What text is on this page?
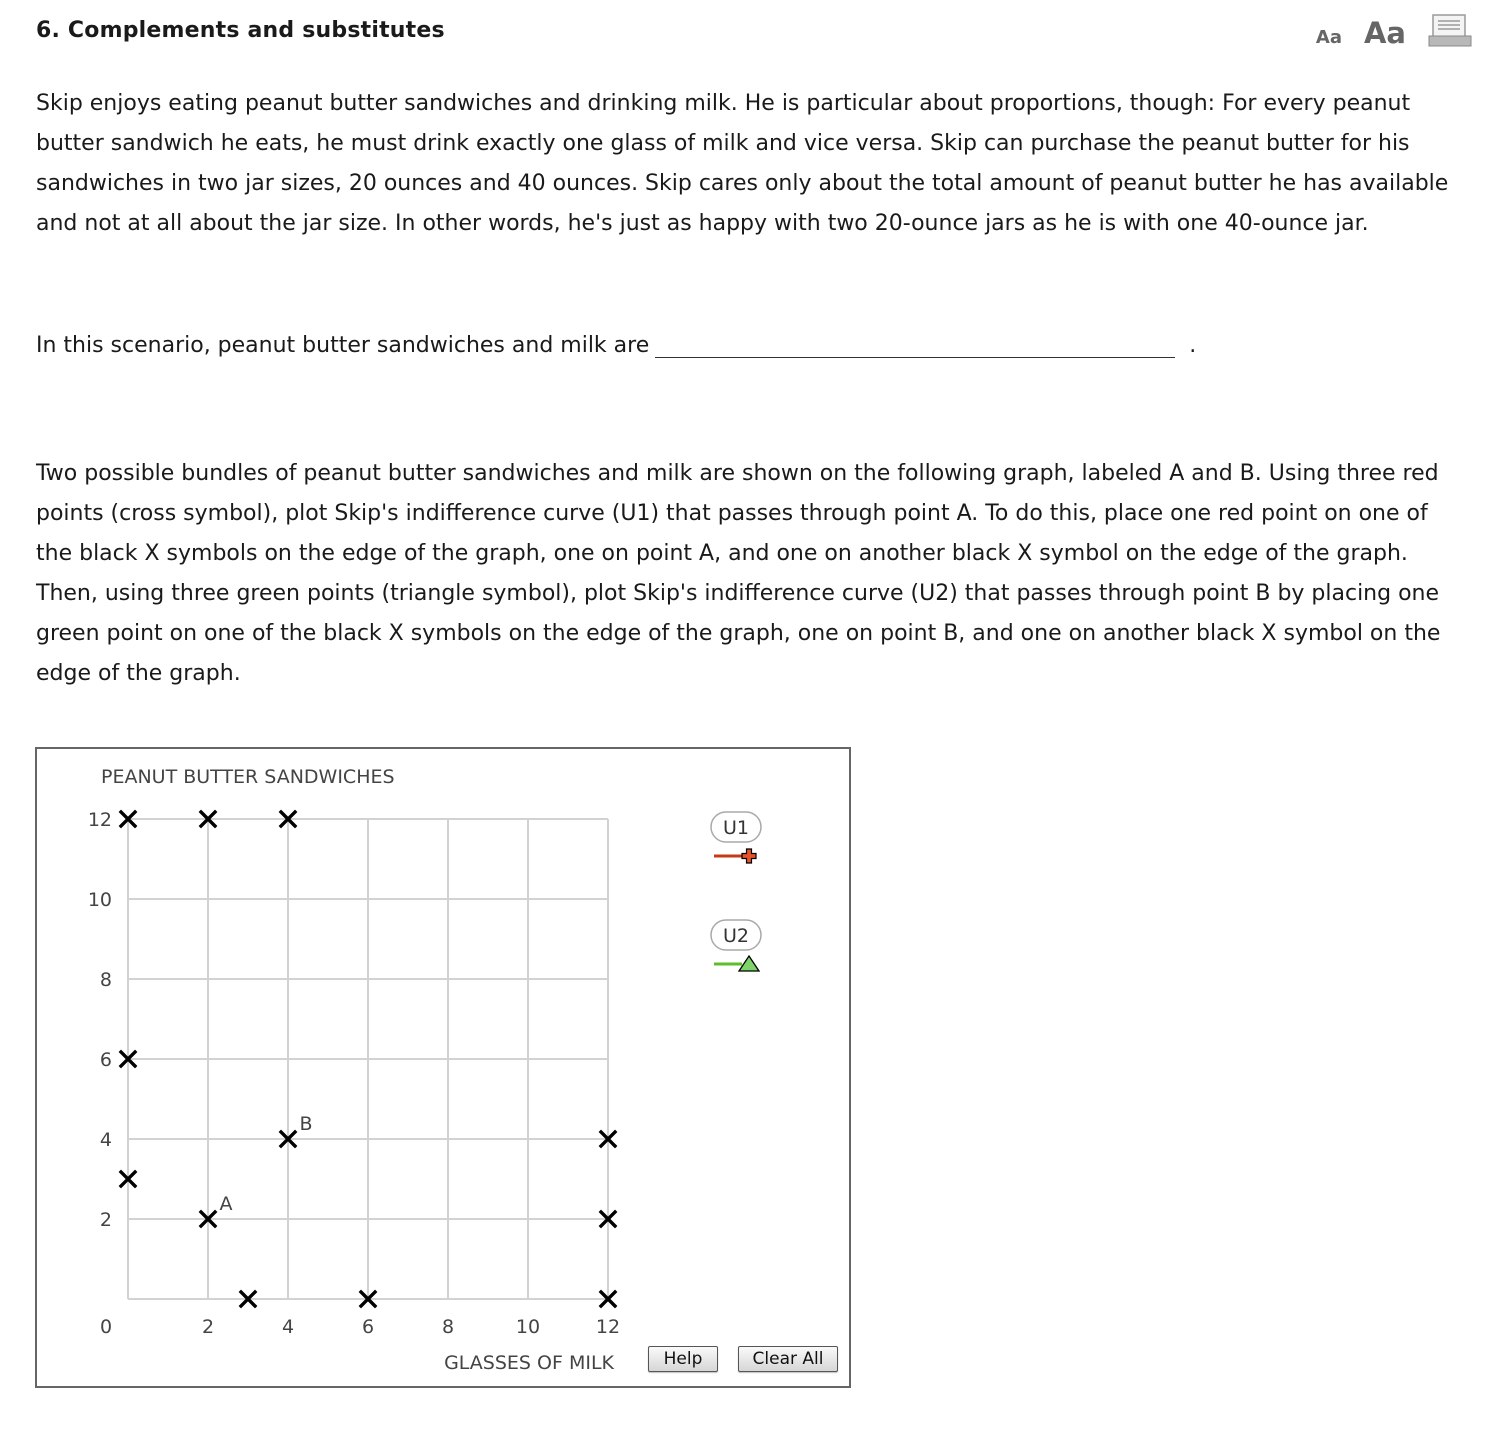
6. Complements and substitutes	Aa Aa

Skip enjoys eating peanut butter sandwiches and drinking milk. He is particular about proportions, though: For every peanut butter sandwich he eats, he must drink exactly one glass of milk and vice versa. Skip can purchase the peanut butter for his sandwiches in two jar sizes, 20 ounces and 40 ounces. Skip cares only about the total amount of peanut butter he has available and not at all about the jar size. In other words, he's just as happy with two 20-ounce jars as he is with one 40-ounce jar.

In this scenario, peanut butter sandwiches and milk are	.

Two possible bundles of peanut butter sandwiches and milk are shown on the following graph, labeled A and B. Using three red points (cross symbol), plot Skip's indifference curve (U1) that passes through point A. To do this, place one red point on one of the black X symbols on the edge of the graph, one on point A, and one on another black X symbol on the edge of the graph. Then, using three green points (triangle symbol), plot Skip's indifference curve (U2) that passes through point B by placing one green point on one of the black X symbols on the edge of the graph, one on point B, and one on another black X symbol on the edge of the graph.

0	2	4	6	8	10	12
2
4
6
8
10
12
PEANUT BUTTER SANDWICHES
GLASSES OF MILK
A
B
U1
U2
Help	Clear All
